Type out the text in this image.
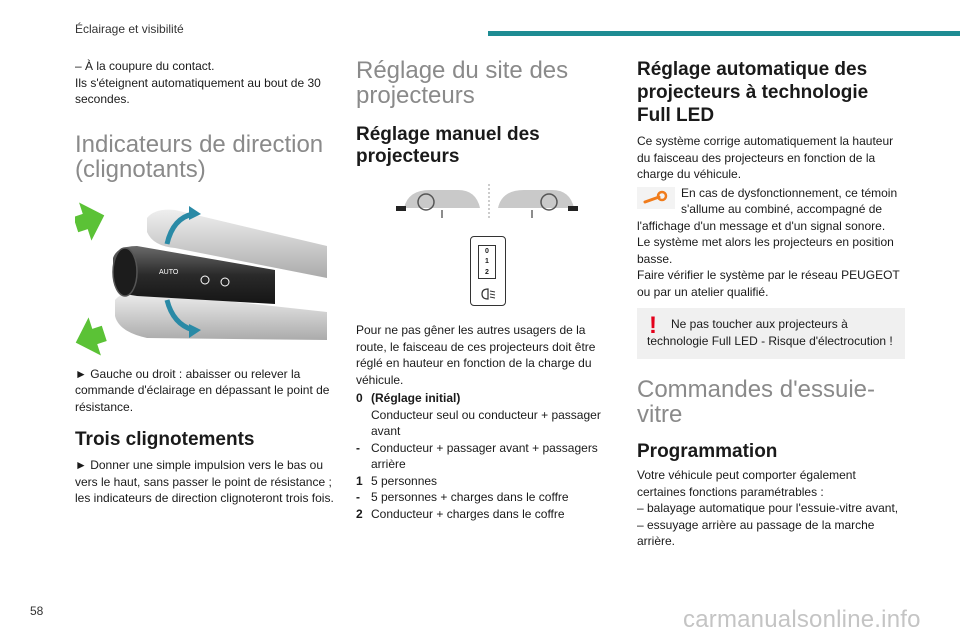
Éclairage et visibilité
58	carmanualsonline.info

– À la coupure du contact.

Ils s'éteignent automatiquement au bout de 30 secondes.

Indicateurs de direction (clignotants)
AUTO

► Gauche ou droit : abaisser ou relever la commande d'éclairage en dépassant le point de résistance.

Trois clignotements

► Donner une simple impulsion vers le bas ou vers le haut, sans passer le point de résistance ; les indicateurs de direction clignoteront trois fois.

Réglage du site des projecteurs
Réglage manuel des projecteurs
0
1
2

Pour ne pas gêner les autres usagers de la route, le faisceau de ces projecteurs doit être réglé en hauteur en fonction de la charge du véhicule.

0 (Réglage initial)
Conducteur seul ou conducteur + passager avant
- Conducteur + passager avant + passagers arrière
1 5 personnes
- 5 personnes + charges dans le coffre
2 Conducteur + charges dans le coffre
Réglage automatique des projecteurs à technologie Full LED

Ce système corrige automatiquement la hauteur du faisceau des projecteurs en fonction de la charge du véhicule.

En cas de dysfonctionnement, ce témoin s'allume au combiné, accompagné de l'affichage d'un message et d'un signal sonore.

Le système met alors les projecteurs en position basse.

Faire vérifier le système par le réseau PEUGEOT ou par un atelier qualifié.

!	Ne pas toucher aux projecteurs à technologie Full LED - Risque d'électrocution !

Commandes d'essuie-vitre
Programmation

Votre véhicule peut comporter également certaines fonctions paramétrables :

– balayage automatique pour l'essuie-vitre avant,

– essuyage arrière au passage de la marche arrière.
